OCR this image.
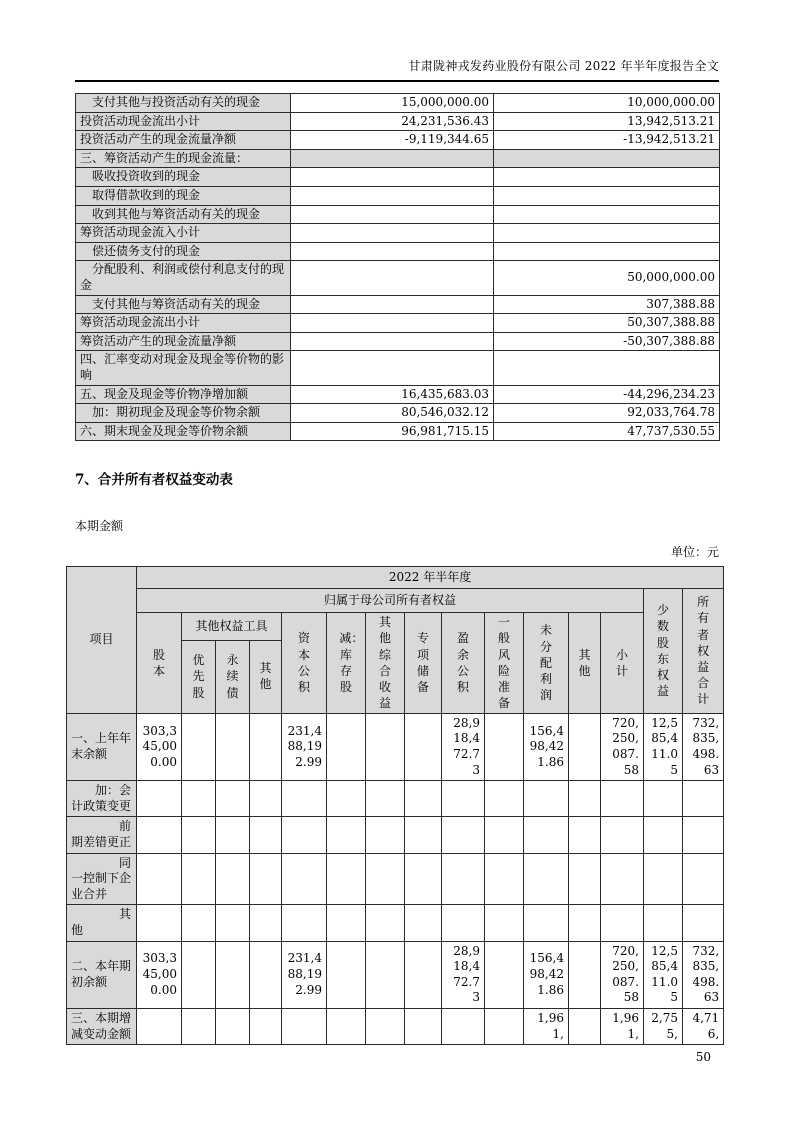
甘肃陇神戎发药业股份有限公司 2022 年半年度报告全文
支付其他与投资活动有关的现金	15,000,000.00	10,000,000.00
投资活动现金流出小计	24,231,536.43	13,942,513.21
投资活动产生的现金流量净额	-9,119,344.65	-13,942,513.21
三、筹资活动产生的现金流量：		
吸收投资收到的现金		
取得借款收到的现金		
收到其他与筹资活动有关的现金		
筹资活动现金流入小计		
偿还债务支付的现金		
分配股利、利润或偿付利息支付的现金		50,000,000.00
支付其他与筹资活动有关的现金		307,388.88
筹资活动现金流出小计		50,307,388.88
筹资活动产生的现金流量净额		-50,307,388.88
四、汇率变动对现金及现金等价物的影响		
五、现金及现金等价物净增加额	16,435,683.03	-44,296,234.23
加：期初现金及现金等价物余额	80,546,032.12	92,033,764.78
六、期末现金及现金等价物余额	96,981,715.15	47,737,530.55
7、合并所有者权益变动表
本期金额
单位：元
项目	2022 年半年度														
	归属于母公司所有者权益													少数股东权益	所有者权益合计
	股本	其他权益工具			资本公积	减：库存股	其他综合收益	专项储备	盈余公积	一般风险准备	未分配利润	其他	小计		
		优先股	永续债	其他											

一、上年年末余额	303,345,000.00				231,488,192.99				28,918,472.73		156,498,421.86		720,250,087.58	12,585,411.05	732,835,498.63

加：会计政策变更															

前期差错更正															

同一控制下企业合并															

其他															

二、本年期初余额	303,345,000.00				231,488,192.99				28,918,472.73		156,498,421.86		720,250,087.58	12,585,411.05	732,835,498.63

三、本期增减变动金额											1,961,		1,961,	2,755,	4,716,
50
